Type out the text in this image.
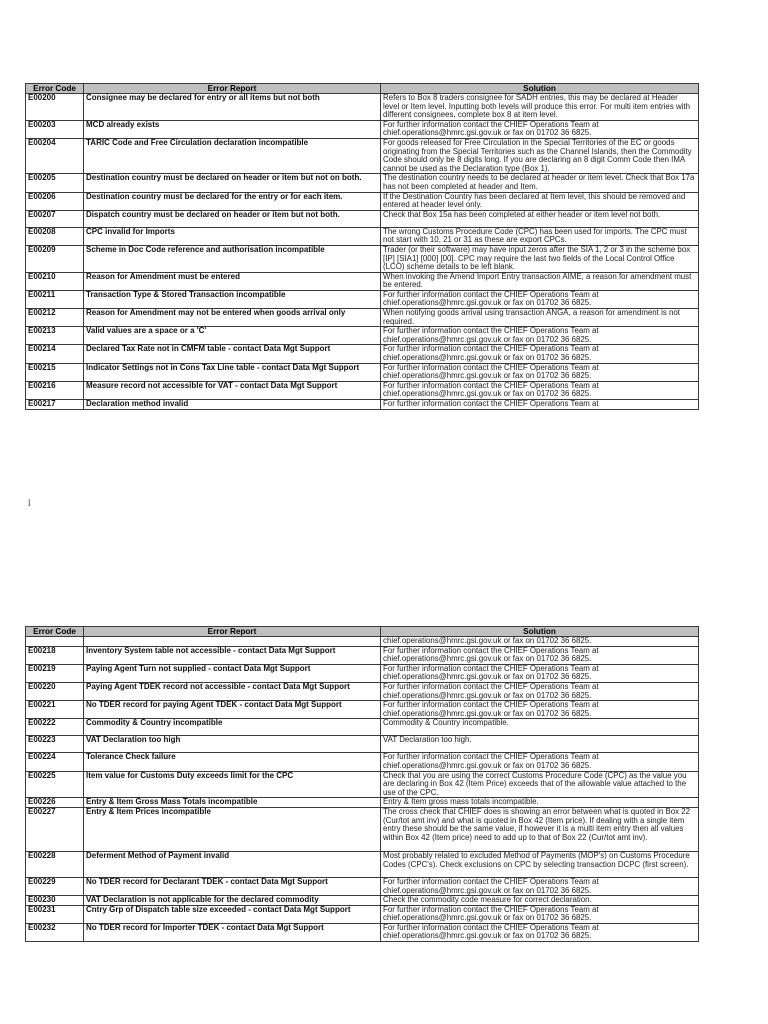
Error Code	Error Report	Solution
E00200	Consignee may be declared for entry or all items but not both	Refers to Box 8 traders consignee for SADH entries, this may be declared at Header level or Item level. Inputting both levels will produce this error. For multi item entries with different consignees, complete box 8 at item level.
E00203	MCD already exists	For further information contact the CHIEF Operations Team at chief.operations@hmrc.gsi.gov.uk or fax on 01702 36 6825.
E00204	TARIC Code and Free Circulation declaration incompatible	For goods released for Free Circulation in the Special Territories of the EC or goods originating from the Special Territories such as the Channel Islands, then the Commodity Code should only be 8 digits long. If you are declaring an 8 digit Comm Code then IMA cannot be used as the Declaration type (Box 1).
E00205	Destination country must be declared on header or item but not on both.	The destination country needs to be declared at header or item level. Check that Box 17a has not been completed at header and Item.
E00206	Destination country must be declared for the entry or for each item.	If the Destination Country has been declared at Item level, this should be removed and entered at header level only.
E00207	Dispatch country must be declared on header or item but not both.	Check that Box 15a has been completed at either header or item level not both.
E00208	CPC invalid for Imports	The wrong Customs Procedure Code (CPC) has been used for imports. The CPC must not start with 10, 21 or 31 as these are export CPCs.
E00209	Scheme in Doc Code reference and authorisation incompatible	Trader (or their software) may have input zeros after the SIA 1, 2 or 3 in the scheme box [IP] [SIA1] [000] [00]. CPC may require the last two fields of the Local Control Office (LCO) scheme details to be left blank.
E00210	Reason for Amendment must be entered	When invoking the Amend Import Entry transaction AIME, a reason for amendment must be entered.
E00211	Transaction Type & Stored Transaction incompatible	For further information contact the CHIEF Operations Team at chief.operations@hmrc.gsi.gov.uk or fax on 01702 36 6825.
E00212	Reason for Amendment may not be entered when goods arrival only	When notifying goods arrival using transaction ANGA, a reason for amendment is not required.
E00213	Valid values are a space or a 'C'	For further information contact the CHIEF Operations Team at chief.operations@hmrc.gsi.gov.uk or fax on 01702 36 6825.
E00214	Declared Tax Rate not in CMFM table - contact Data Mgt Support	For further information contact the CHIEF Operations Team at chief.operations@hmrc.gsi.gov.uk or fax on 01702 36 6825.
E00215	Indicator Settings not in Cons Tax Line table - contact Data Mgt Support	For further information contact the CHIEF Operations Team at chief.operations@hmrc.gsi.gov.uk or fax on 01702 36 6825.
E00216	Measure record not accessible for VAT - contact Data Mgt Support	For further information contact the CHIEF Operations Team at chief.operations@hmrc.gsi.gov.uk or fax on 01702 36 6825.
E00217	Declaration method invalid	For further information contact the CHIEF Operations Team at
l
Error Code	Error Report	Solution
		chief.operations@hmrc.gsi.gov.uk or fax on 01702 36 6825.
E00218	Inventory System table not accessible - contact Data Mgt Support	For further information contact the CHIEF Operations Team at chief.operations@hmrc.gsi.gov.uk or fax on 01702 36 6825.
E00219	Paying Agent Turn not supplied - contact Data Mgt Support	For further information contact the CHIEF Operations Team at chief.operations@hmrc.gsi.gov.uk or fax on 01702 36 6825.
E00220	Paying Agent TDEK record not accessible - contact Data Mgt Support	For further information contact the CHIEF Operations Team at chief.operations@hmrc.gsi.gov.uk or fax on 01702 36 6825.
E00221	No TDER record for paying Agent TDEK - contact Data Mgt Support	For further information contact the CHIEF Operations Team at chief.operations@hmrc.gsi.gov.uk or fax on 01702 36 6825.
E00222	Commodity & Country incompatible	Commodity & Country incompatible.
E00223	VAT Declaration too high	VAT Declaration too high.
E00224	Tolerance Check failure	For further information contact the CHIEF Operations Team at chief.operations@hmrc.gsi.gov.uk or fax on 01702 36 6825.
E00225	Item value for Customs Duty exceeds limit for the CPC	Check that you are using the correct Customs Procedure Code (CPC) as the value you are declaring in Box 42 (Item Price) exceeds that of the allowable value attached to the use of the CPC.
E00226	Entry & Item Gross Mass Totals incompatible	Entry & Item gross mass totals incompatible.
E00227	Entry & Item Prices incompatible	The cross check that CHIEF does is showing an error between what is quoted in Box 22 (Cur/tot amt inv) and what is quoted in Box 42 (Item price). If dealing with a single item entry these should be the same value, if however it is a multi item entry then all values within Box 42 (Item price) need to add up to that of Box 22 (Cur/tot amt inv).
E00228	Deferment Method of Payment invalid	Most probably related to excluded Method of Payments (MOP's) on Customs Procedure Codes (CPC's). Check exclusions on CPC by selecting transaction DCPC (first screen).
E00229	No TDER record for Declarant TDEK - contact Data Mgt Support	For further information contact the CHIEF Operations Team at chief.operations@hmrc.gsi.gov.uk or fax on 01702 36 6825.
E00230	VAT Declaration is not applicable for the declared commodity	Check the commodity code measure for correct declaration.
E00231	Cntry Grp of Dispatch table size exceeded - contact Data Mgt Support	For further information contact the CHIEF Operations Team at chief.operations@hmrc.gsi.gov.uk or fax on 01702 36 6825.
E00232	No TDER record for Importer TDEK - contact Data Mgt Support	For further information contact the CHIEF Operations Team at chief.operations@hmrc.gsi.gov.uk or fax on 01702 36 6825.
